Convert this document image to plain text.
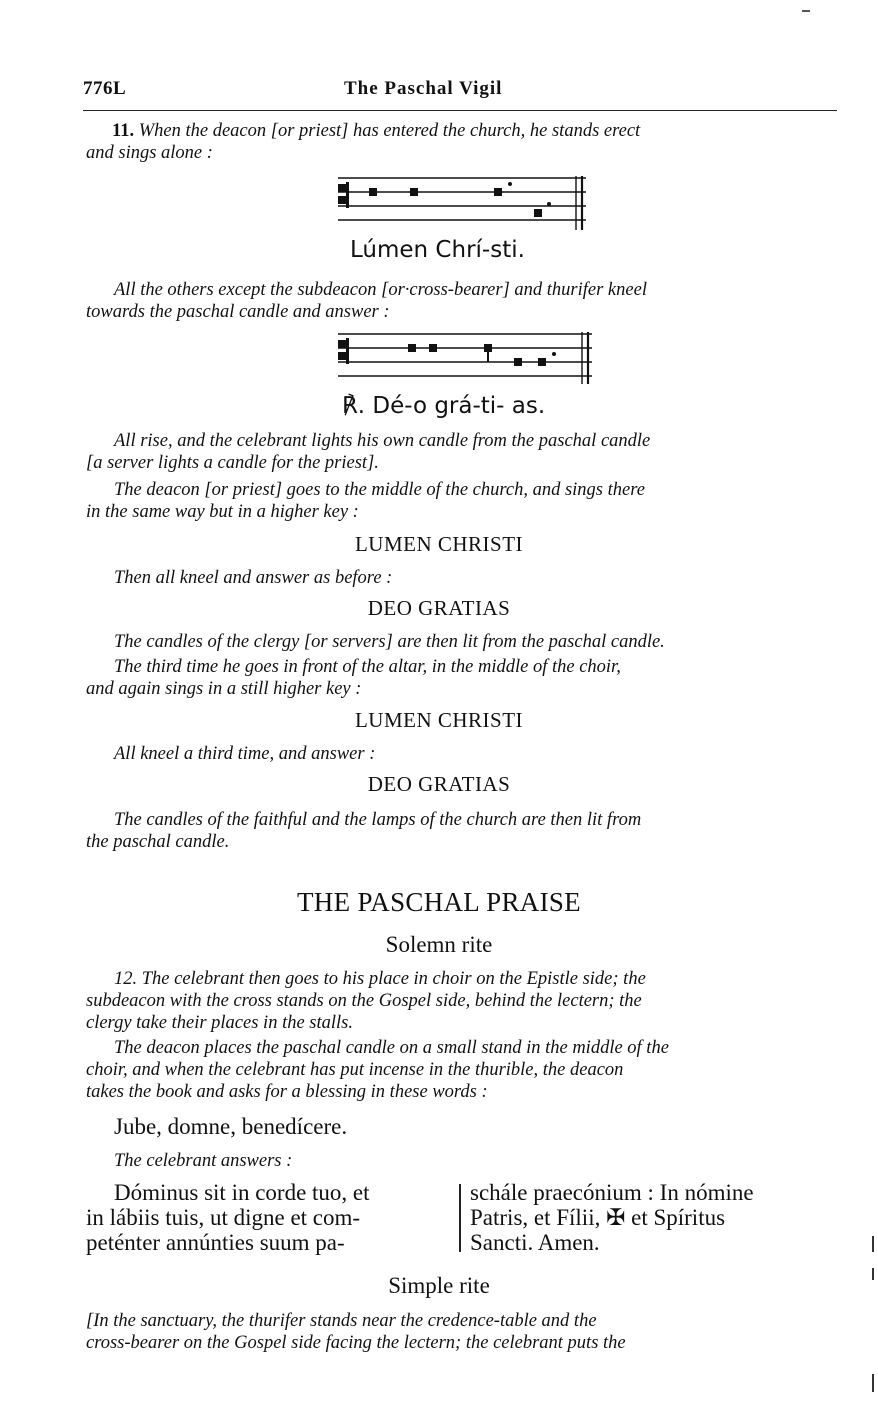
776L	The Paschal Vigil
11. When the deacon [or priest] has entered the church, he stands erect
and sings alone :
Lúmen Chrí-sti.
All the others except the subdeacon [or·cross-bearer] and thurifer kneel
towards the paschal candle and answer :
℟. Dé-o grá-ti- as.
All rise, and the celebrant lights his own candle from the paschal candle
[a server lights a candle for the priest].
The deacon [or priest] goes to the middle of the church, and sings there
in the same way but in a higher key :
LUMEN CHRISTI
Then all kneel and answer as before :
DEO GRATIAS
The candles of the clergy [or servers] are then lit from the paschal candle.
The third time he goes in front of the altar, in the middle of the choir,
and again sings in a still higher key :
LUMEN CHRISTI
All kneel a third time, and answer :
DEO GRATIAS
The candles of the faithful and the lamps of the church are then lit from
the paschal candle.
THE PASCHAL PRAISE
Solemn rite
12. The celebrant then goes to his place in choir on the Epistle side; the
subdeacon with the cross stands on the Gospel side, behind the lectern; the
clergy take their places in the stalls.
The deacon places the paschal candle on a small stand in the middle of the
choir, and when the celebrant has put incense in the thurible, the deacon
takes the book and asks for a blessing in these words :
Jube, domne, benedícere.
The celebrant answers :
Dóminus sit in corde tuo, et
in lábiis tuis, ut digne et com-
peténter annúnties suum pa-
schále praecónium : In nómine
Patris, et Fílii, ✠ et Spíritus
Sancti. Amen.
Simple rite
[In the sanctuary, the thurifer stands near the credence-table and the
cross-bearer on the Gospel side facing the lectern; the celebrant puts the
